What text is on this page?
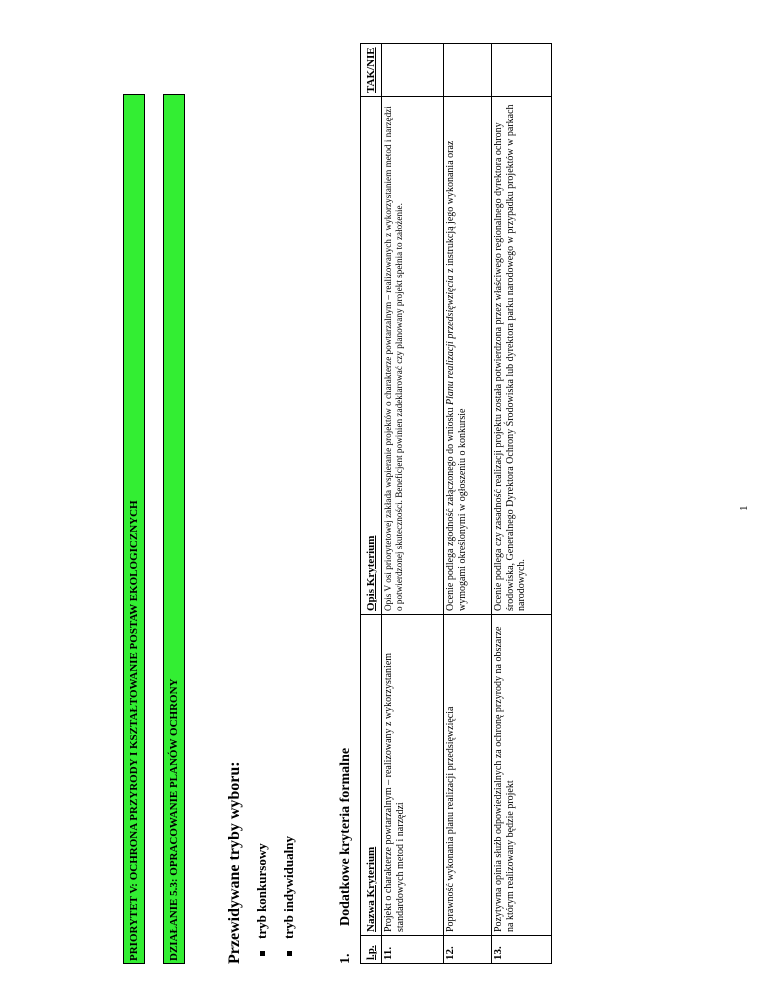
PRIORYTET V: OCHRONA PRZYRODY I KSZTAŁTOWANIE POSTAW EKOLOGICZNYCH	DZIAŁANIE 5.3: OPRACOWANIE PLANÓW OCHRONY	Przewidywane tryby wyboru: tryb konkursowy tryb indywidualny
1.
Dodatkowe kryteria formalne
l.p.	Nazwa Kryterium	Opis Kryterium	TAK/NIE
11.	Projekt o charakterze powtarzalnym – realizowany z wykorzystaniem standardowych metod i narzędzi	Opis V osi priorytetowej zakłada wspieranie projektów o charakterze powtarzalnym – realizowanych z wykorzystaniem metod i narzędzi o potwierdzonej skuteczności. Beneficjent powinien zadeklarować czy planowany projekt spełnia to założenie.	
12.	Poprawność wykonania planu realizacji przedsięwzięcia	Ocenie podlega zgodność załączonego do wniosku Planu realizacji przedsięwzięcia z instrukcją jego wykonania oraz wymogami określonymi w ogłoszeniu o konkursie	
13.	Pozytywna opinia służb odpowiedzialnych za ochronę przyrody na obszarze na którym realizowany będzie projekt	Ocenie podlega czy zasadność realizacji projektu została potwierdzona przez właściwego regionalnego dyrektora ochrony środowiska, Generalnego Dyrektora Ochrony Środowiska lub dyrektora parku narodowego w przypadku projektów w parkach narodowych.	
1
